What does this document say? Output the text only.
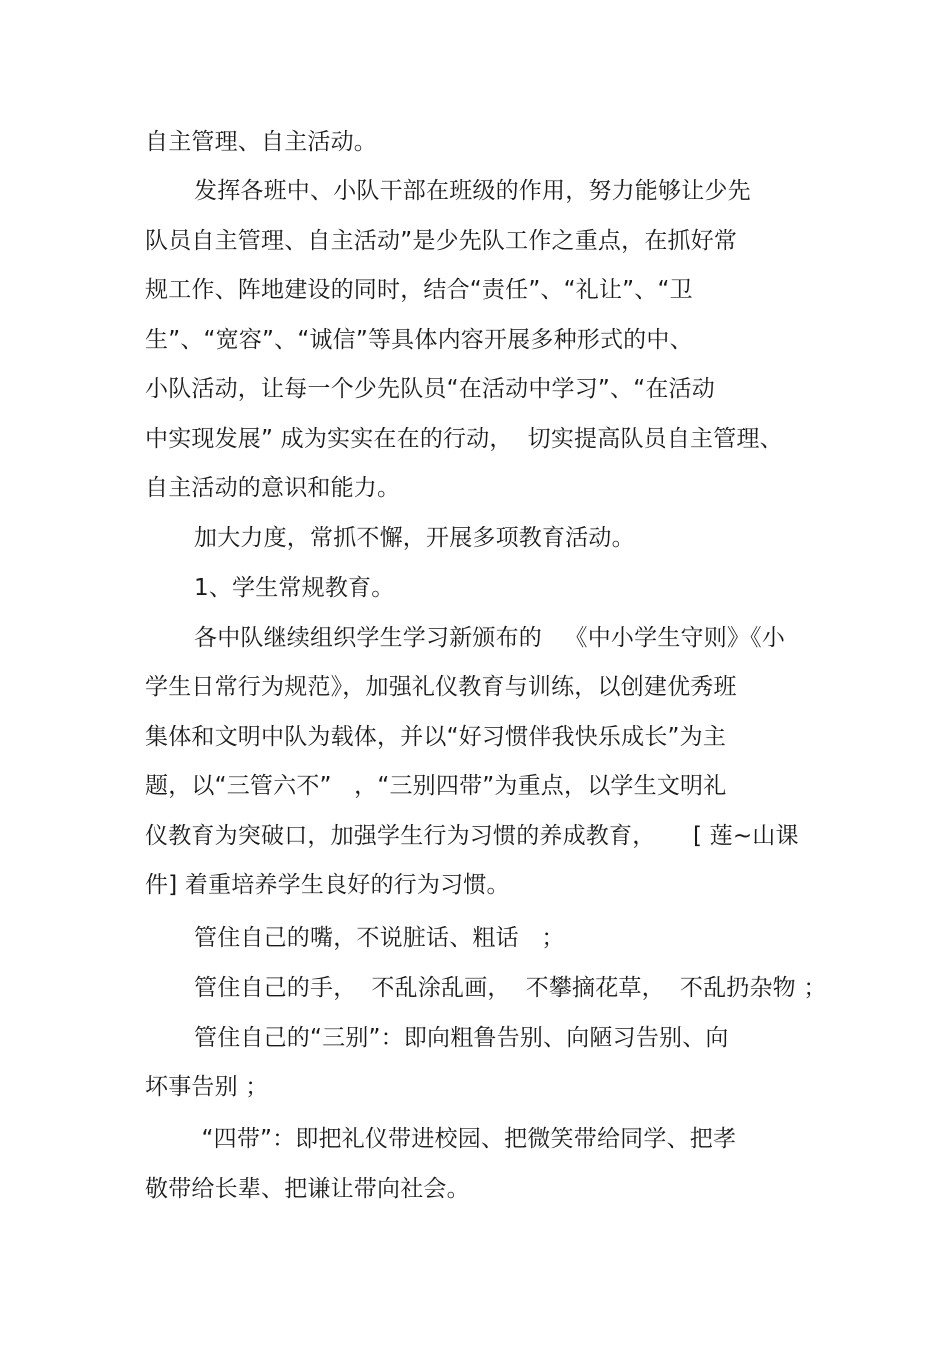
自主管理、自主活动。
发挥各班中、小队干部在班级的作用，努力能够让少先
队员自主管理、自主活动”是少先队工作之重点，在抓好常
规工作、阵地建设的同时，结合“责任”、“礼让”、“卫
生”、“宽容”、“诚信”等具体内容开展多种形式的中、
小队活动，让每一个少先队员“在活动中学习”、“在活动
中实现发展” 成为实实在在的行动，  切实提高队员自主管理、
自主活动的意识和能力。
加大力度，常抓不懈，开展多项教育活动。
1、学生常规教育。
各中队继续组织学生学习新颁布的   《中小学生守则》《小
学生日常行为规范》，加强礼仪教育与训练，以创建优秀班
集体和文明中队为载体，并以“好习惯伴我快乐成长”为主
题，以“三管六不”   ，“三别四带”为重点，以学生文明礼
仪教育为突破口，加强学生行为习惯的养成教育，     [ 莲~山课
件] 着重培养学生良好的行为习惯。
管住自己的嘴，不说脏话、粗话   ；
管住自己的手，  不乱涂乱画，  不攀摘花草，  不乱扔杂物 ；
管住自己的“三别”：即向粗鲁告别、向陋习告别、向
坏事告别 ；
“四带”：即把礼仪带进校园、把微笑带给同学、把孝
敬带给长辈、把谦让带向社会。
